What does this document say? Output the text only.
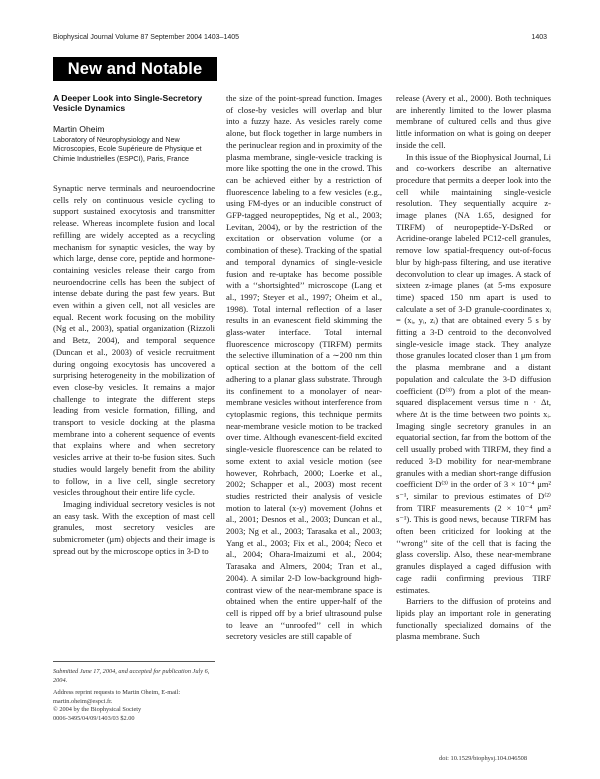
Biophysical Journal Volume 87 September 2004 1403–1405	1403
New and Notable
A Deeper Look into Single-Secretory Vesicle Dynamics
Martin Oheim
Laboratory of Neurophysiology and New Microscopies, Ecole Supérieure de Physique et Chimie Industrielles (ESPCI), Paris, France

Synaptic nerve terminals and neuroendocrine cells rely on continuous vesicle cycling to support sustained exocytosis and transmitter release. Whereas incomplete fusion and local refilling are widely accepted as a recycling mechanism for synaptic vesicles, the way by which large, dense core, peptide and hormone-containing vesicles release their cargo from neuroendocrine cells has been the subject of intense debate during the past few years. But even within a given cell, not all vesicles are equal. Recent work focusing on the mobility (Ng et al., 2003), spatial organization (Rizzoli and Betz, 2004), and temporal sequence (Duncan et al., 2003) of vesicle recruitment during ongoing exocytosis has uncovered a surprising heterogeneity in the mobilization of even close-by vesicles. It remains a major challenge to integrate the different steps leading from vesicle formation, filling, and transport to vesicle docking at the plasma membrane into a coherent sequence of events that explains where and when secretory vesicles arrive at their to-be fusion sites. Such studies would largely benefit from the ability to follow, in a live cell, single secretory vesicles throughout their entire life cycle.

Imaging individual secretory vesicles is not an easy task. With the exception of mast cell granules, most secretory vesicles are submicrometer (μm) objects and their image is spread out by the microscope optics in 3-D to

the size of the point-spread function. Images of close-by vesicles will overlap and blur into a fuzzy haze. As vesicles rarely come alone, but flock together in large numbers in the perinuclear region and in proximity of the plasma membrane, single-vesicle tracking is more like spotting the one in the crowd. This can be achieved either by a restriction of fluorescence labeling to a few vesicles (e.g., using FM-dyes or an inducible construct of GFP-tagged neuropeptides, Ng et al., 2003; Levitan, 2004), or by the restriction of the excitation or observation volume (or a combination of these). Tracking of the spatial and temporal dynamics of single-vesicle fusion and re-uptake has become possible with a ‘‘shortsighted’’ microscope (Lang et al., 1997; Steyer et al., 1997; Oheim et al., 1998). Total internal reflection of a laser results in an evanescent field skimming the glass-water interface. Total internal fluorescence microscopy (TIRFM) permits the selective illumination of a ∼200 nm thin optical section at the bottom of the cell adhering to a planar glass substrate. Through its confinement to a monolayer of near-membrane vesicles without interference from cytoplasmic regions, this technique permits near-membrane vesicle motion to be tracked over time. Although evanescent-field excited single-vesicle fluorescence can be related to some extent to axial vesicle motion (see however, Rohrbach, 2000; Loerke et al., 2002; Schapper et al., 2003) most recent studies restricted their analysis of vesicle motion to lateral (x-y) movement (Johns et al., 2001; Desnos et al., 2003; Duncan et al., 2003; Ng et al., 2003; Tarasaka et al., 2003; Yang et al., 2003; Fix et al., 2004; Ñeco et al., 2004; Ohara-Imaizumi et al., 2004; Tarasaka and Almers, 2004; Tran et al., 2004). A similar 2-D low-background high-contrast view of the near-membrane space is obtained when the entire upper-half of the cell is ripped off by a brief ultrasound pulse to leave an ‘‘unroofed’’ cell in which secretory vesicles are still capable of

release (Avery et al., 2000). Both techniques are inherently limited to the lower plasma membrane of cultured cells and thus give little information on what is going on deeper inside the cell.

In this issue of the Biophysical Journal, Li and co-workers describe an alternative procedure that permits a deeper look into the cell while maintaining single-vesicle resolution. They sequentially acquire z-image planes (NA 1.65, designed for TIRFM) of neuropeptide-Y-DsRed or Acridine-orange labeled PC12-cell granules, remove low spatial-frequency out-of-focus blur by high-pass filtering, and use iterative deconvolution to clear up images. A stack of sixteen z-image planes (at 5-ms exposure time) spaced 150 nm apart is used to calculate a set of 3-D granule-coordinates xᵢ = (xᵢ, yᵢ, zᵢ) that are obtained every 5 s by fitting a 3-D centroid to the deconvolved single-vesicle image stack. They analyze those granules located closer than 1 μm from the plasma membrane and a distant population and calculate the 3-D diffusion coefficient (D⁽³⁾) from a plot of the mean-squared displacement versus time n · Δt, where Δt is the time between two points xᵢ. Imaging single secretory granules in an equatorial section, far from the bottom of the cell usually probed with TIRFM, they find a reduced 3-D mobility for near-membrane granules with a median short-range diffusion coefficient D⁽³⁾ in the order of 3 × 10⁻⁴ μm² s⁻¹, similar to previous estimates of D⁽²⁾ from TIRF measurements (2 × 10⁻⁴ μm² s⁻¹). This is good news, because TIRFM has often been criticized for looking at the ‘‘wrong’’ site of the cell that is facing the glass coverslip. Also, these near-membrane granules displayed a caged diffusion with cage radii confirming previous TIRF estimates.

Barriers to the diffusion of proteins and lipids play an important role in generating functionally specialized domains of the plasma membrane. Such

Submitted June 17, 2004, and accepted for publication July 6, 2004.
Address reprint requests to Martin Oheim, E-mail: martin.oheim@espci.fr.
© 2004 by the Biophysical Society
0006-3495/04/09/1403/03 $2.00
doi: 10.1529/biophysj.104.046508
